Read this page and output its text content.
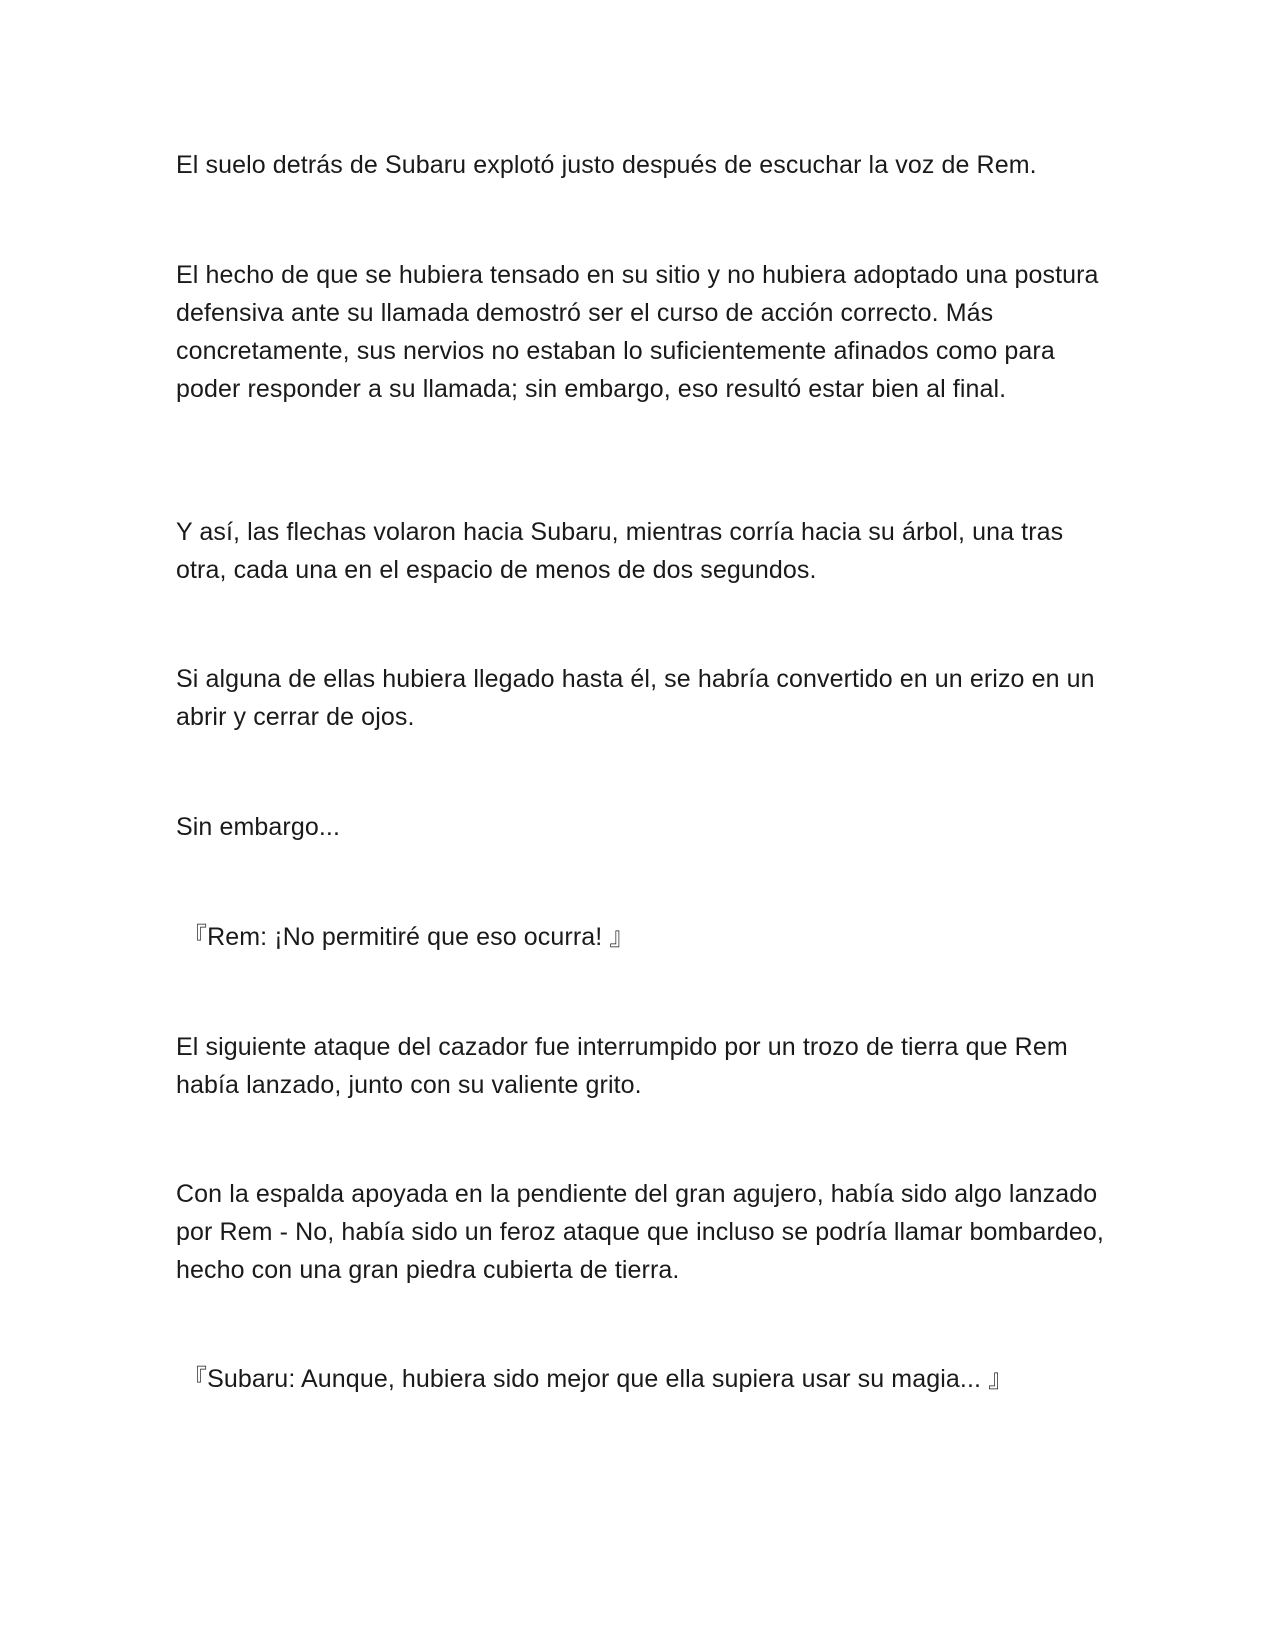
El suelo detrás de Subaru explotó justo después de escuchar la voz de Rem.

El hecho de que se hubiera tensado en su sitio y no hubiera adoptado una postura defensiva ante su llamada demostró ser el curso de acción correcto. Más concretamente, sus nervios no estaban lo suficientemente afinados como para poder responder a su llamada; sin embargo, eso resultó estar bien al final.

Y así, las flechas volaron hacia Subaru, mientras corría hacia su árbol, una tras otra, cada una en el espacio de menos de dos segundos.

Si alguna de ellas hubiera llegado hasta él, se habría convertido en un erizo en un abrir y cerrar de ojos.

Sin embargo...

『Rem: ¡No permitiré que eso ocurra! 』

El siguiente ataque del cazador fue interrumpido por un trozo de tierra que Rem había lanzado, junto con su valiente grito.

Con la espalda apoyada en la pendiente del gran agujero, había sido algo lanzado por Rem - No, había sido un feroz ataque que incluso se podría llamar bombardeo, hecho con una gran piedra cubierta de tierra.

『Subaru: Aunque, hubiera sido mejor que ella supiera usar su magia... 』
